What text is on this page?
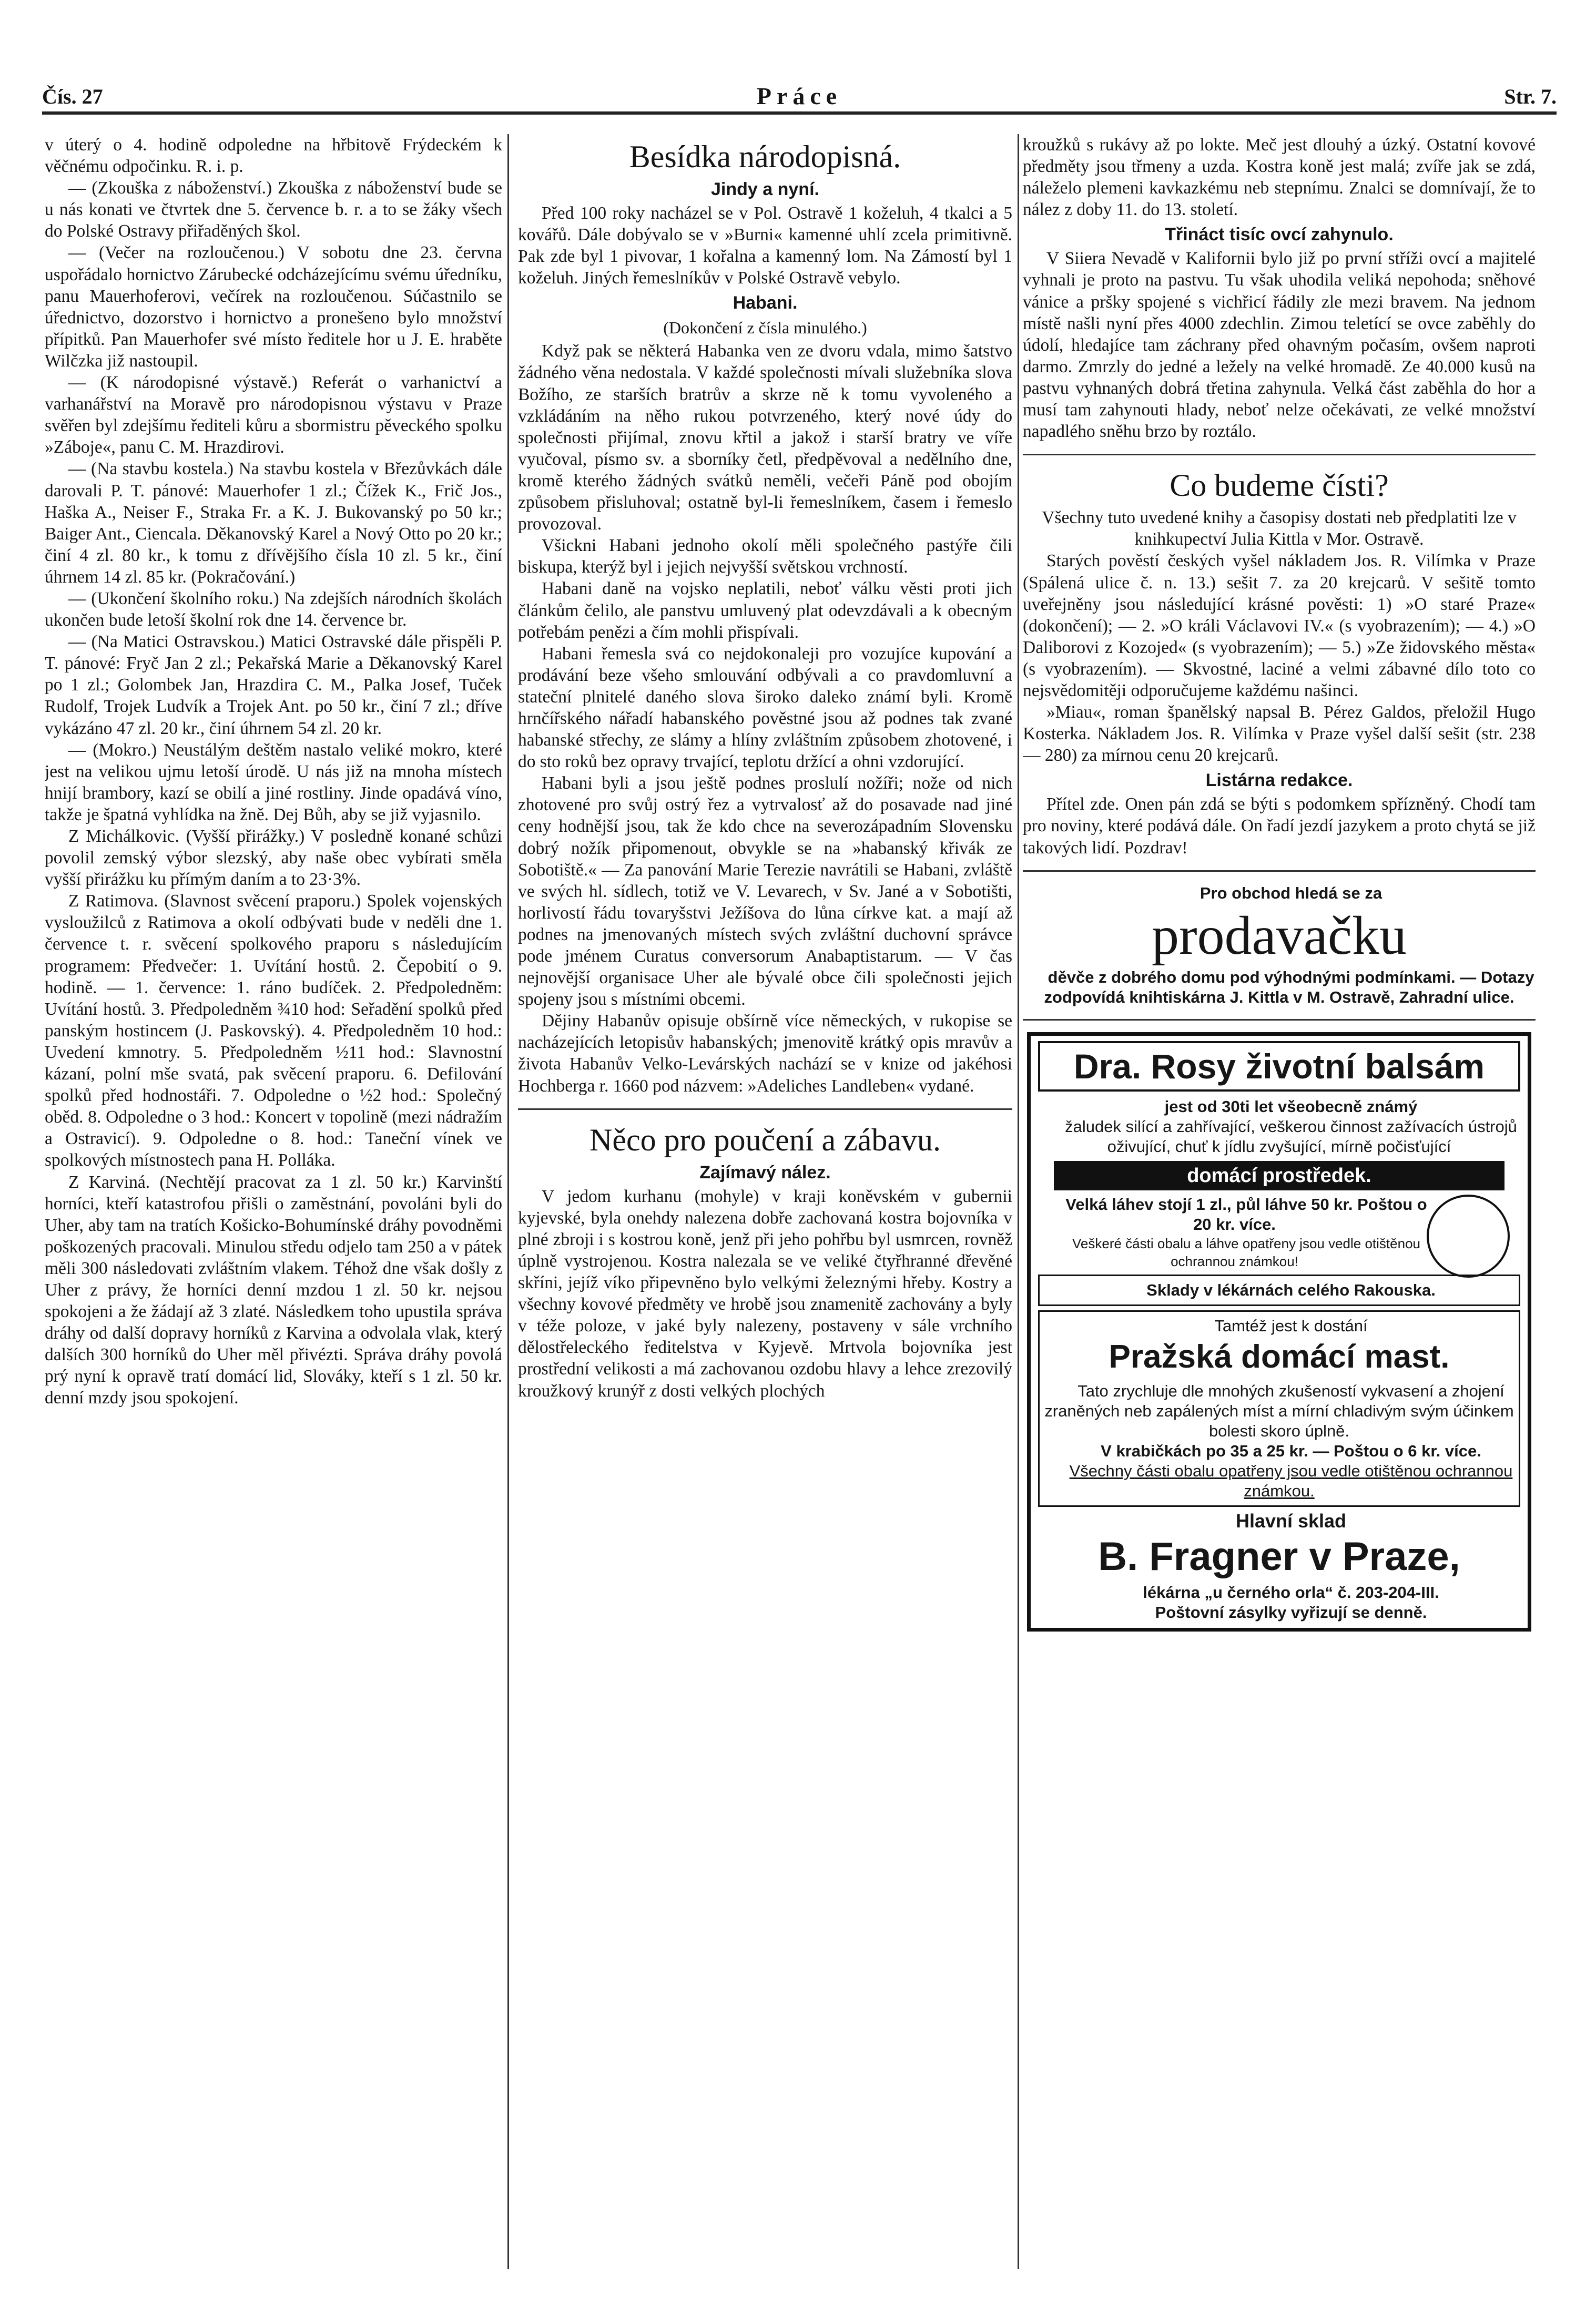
Čís. 27	Práce	Str. 7.

v úterý o 4. hodině odpoledne na hřbitově Frýdeckém k věčnému odpočinku. R. i. p.

— (Zkouška z náboženství.) Zkouška z náboženství bude se u nás konati ve čtvrtek dne 5. července b. r. a to se žáky všech do Polské Ostravy přiřaděných škol.

— (Večer na rozloučenou.) V sobotu dne 23. června uspořádalo hornictvo Zárubecké odcházejícímu svému úředníku, panu Mauerhoferovi, večírek na rozloučenou. Súčastnilo se úřednictvo, dozorstvo i hornictvo a pronešeno bylo množství přípitků. Pan Mauerhofer své místo ředitele hor u J. E. hraběte Wilčzka již nastoupil.

— (K národopisné výstavě.) Referát o varhanictví a varhanářství na Moravě pro národopisnou výstavu v Praze svěřen byl zdejšímu řediteli kůru a sbormistru pěveckého spolku »Záboje«, panu C. M. Hrazdirovi.

— (Na stavbu kostela.) Na stavbu kostela v Březůvkách dále darovali P. T. pánové: Mauerhofer 1 zl.; Čížek K., Frič Jos., Haška A., Neiser F., Straka Fr. a K. J. Bukovanský po 50 kr.; Baiger Ant., Ciencala. Děkanovský Karel a Nový Otto po 20 kr.; činí 4 zl. 80 kr., k tomu z dřívějšího čísla 10 zl. 5 kr., činí úhrnem 14 zl. 85 kr. (Pokračování.)

— (Ukončení školního roku.) Na zdejších národních školách ukončen bude letoší školní rok dne 14. července br.

— (Na Matici Ostravskou.) Matici Ostravské dále přispěli P. T. pánové: Fryč Jan 2 zl.; Pekařská Marie a Děkanovský Karel po 1 zl.; Golombek Jan, Hrazdira C. M., Palka Josef, Tuček Rudolf, Trojek Ludvík a Trojek Ant. po 50 kr., činí 7 zl.; dříve vykázáno 47 zl. 20 kr., činí úhrnem 54 zl. 20 kr.

— (Mokro.) Neustálým deštěm nastalo veliké mokro, které jest na velikou ujmu letoší úrodě. U nás již na mnoha místech hnijí brambory, kazí se obilí a jiné rostliny. Jinde opadává víno, takže je špatná vyhlídka na žně. Dej Bůh, aby se již vyjasnilo.

Z Michálkovic. (Vyšší přirážky.) V posledně konané schůzi povolil zemský výbor slezský, aby naše obec vybírati směla vyšší přirážku ku přímým daním a to 23·3%.

Z Ratimova. (Slavnost svěcení praporu.) Spolek vojenských vysloužilců z Ratimova a okolí odbývati bude v neděli dne 1. července t. r. svěcení spolkového praporu s následujícím programem: Předvečer: 1. Uvítání hostů. 2. Čepobití o 9. hodině. — 1. července: 1. ráno budíček. 2. Předpoledněm: Uvítání hostů. 3. Předpoledněm ¾10 hod: Seřadění spolků před panským hostincem (J. Paskovský). 4. Předpoledněm 10 hod.: Uvedení kmnotry. 5. Předpoledněm ½11 hod.: Slavnostní kázaní, polní mše svatá, pak svěcení praporu. 6. Defilování spolků před hodnostáři. 7. Odpoledne o ½2 hod.: Společný oběd. 8. Odpoledne o 3 hod.: Koncert v topolině (mezi nádražím a Ostravicí). 9. Odpoledne o 8. hod.: Taneční vínek ve spolkových místnostech pana H. Polláka.

Z Karviná. (Nechtějí pracovat za 1 zl. 50 kr.) Karvinští horníci, kteří katastrofou přišli o zaměstnání, povoláni byli do Uher, aby tam na tratích Košicko-Bohumínské dráhy povodněmi poškozených pracovali. Minulou středu odjelo tam 250 a v pátek měli 300 následovati zvláštním vlakem. Téhož dne však došly z Uher z právy, že horníci denní mzdou 1 zl. 50 kr. nejsou spokojeni a že žádají až 3 zlaté. Následkem toho upustila správa dráhy od další dopravy horníků z Karvina a odvolala vlak, který dalších 300 horníků do Uher měl přivézti. Správa dráhy povolá prý nyní k opravě tratí domácí lid, Slováky, kteří s 1 zl. 50 kr. denní mzdy jsou spokojení.

Besídka národopisná.
Jindy a nyní.

Před 100 roky nacházel se v Pol. Ostravě 1 koželuh, 4 tkalci a 5 kovářů. Dále dobývalo se v »Burni« kamenné uhlí zcela primitivně. Pak zde byl 1 pivovar, 1 kořalna a kamenný lom. Na Zámostí byl 1 koželuh. Jiných řemeslníkův v Polské Ostravě vebylo.

Habani.
(Dokončení z čísla minulého.)

Když pak se některá Habanka ven ze dvoru vdala, mimo šatstvo žádného věna nedostala. V každé společnosti mívali služebníka slova Božího, ze starších bratrův a skrze ně k tomu vyvoleného a vzkládáním na něho rukou potvrzeného, který nové údy do společnosti přijímal, znovu křtil a jakož i starší bratry ve víře vyučoval, písmo sv. a sborníky četl, předpěvoval a nedělního dne, kromě kterého žádných svátků neměli, večeři Páně pod obojím způsobem přisluhoval; ostatně byl-li řemeslníkem, časem i řemeslo provozoval.

Všickni Habani jednoho okolí měli společného pastýře čili biskupa, kterýž byl i jejich nejvyšší světskou vrchností.

Habani daně na vojsko neplatili, neboť válku věsti proti jich článkům čelilo, ale panstvu umluvený plat odevzdávali a k obecným potřebám penězi a čím mohli přispívali.

Habani řemesla svá co nejdokonaleji pro vozujíce kupování a prodávání beze všeho smlouvání odbývali a co pravdomluvní a stateční plnitelé daného slova široko daleko známí byli. Kromě hrnčířského nářadí habanského pověstné jsou až podnes tak zvané habanské střechy, ze slámy a hlíny zvláštním způsobem zhotovené, i do sto roků bez opravy trvající, teplotu držící a ohni vzdorující.

Habani byli a jsou ještě podnes proslulí nožíři; nože od nich zhotovené pro svůj ostrý řez a vytrvalosť až do posavade nad jiné ceny hodnější jsou, tak že kdo chce na severozápadním Slovensku dobrý nožík připomenout, obvykle se na »habanský křivák ze Sobotiště.« — Za panování Marie Terezie navrátili se Habani, zvláště ve svých hl. sídlech, totiž ve V. Levarech, v Sv. Jané a v Sobotišti, horlivostí řádu tovaryšstvi Ježíšova do lůna církve kat. a mají až podnes na jmenovaných místech svých zvláštní duchovní správce pode jménem Curatus conversorum Anabaptistarum. — V čas nejnovější organisace Uher ale bývalé obce čili společnosti jejich spojeny jsou s místními obcemi.

Dějiny Habanův opisuje obšírně více německých, v rukopise se nacházejících letopisův habanských; jmenovitě krátký opis mravův a života Habanův Velko-Levárských nachází se v knize od jakéhosi Hochberga r. 1660 pod názvem: »Adeliches Landleben« vydané.

Něco pro poučení a zábavu.
Zajímavý nález.

V jedom kurhanu (mohyle) v kraji koněvském v gubernii kyjevské, byla onehdy nalezena dobře zachovaná kostra bojovníka v plné zbroji i s kostrou koně, jenž při jeho pohřbu byl usmrcen, rovněž úplně vystrojenou. Kostra nalezala se ve veliké čtyřhranné dřevěné skříni, jejíž víko připevněno bylo velkými železnými hřeby. Kostry a všechny kovové předměty ve hrobě jsou znamenitě zachovány a byly v téže poloze, v jaké byly nalezeny, postaveny v sále vrchního dělostřeleckého ředitelstva v Kyjevě. Mrtvola bojovníka jest prostřední velikosti a má zachovanou ozdobu hlavy a lehce zrezovilý kroužkový krunýř z dosti velkých plochých

kroužků s rukávy až po lokte. Meč jest dlouhý a úzký. Ostatní kovové předměty jsou třmeny a uzda. Kostra koně jest malá; zvíře jak se zdá, náleželo plemeni kavkazkému neb stepnímu. Znalci se domnívají, že to nález z doby 11. do 13. století.

Třináct tisíc ovcí zahynulo.

V Siiera Nevadě v Kalifornii bylo již po první stříži ovcí a majitelé vyhnali je proto na pastvu. Tu však uhodila veliká nepohoda; sněhové vánice a pršky spojené s vichřicí řádily zle mezi bravem. Na jednom místě našli nyní přes 4000 zdechlin. Zimou teletící se ovce zaběhly do údolí, hledajíce tam záchrany před ohavným počasím, ovšem naproti darmo. Zmrzly do jedné a ležely na velké hromadě. Ze 40.000 kusů na pastvu vyhnaných dobrá třetina zahynula. Velká část zaběhla do hor a musí tam zahynouti hlady, neboť nelze očekávati, ze velké množství napadlého sněhu brzo by roztálo.

Co budeme čísti?

Všechny tuto uvedené knihy a časopisy dostati neb předplatiti lze v knihkupectví Julia Kittla v Mor. Ostravě.

Starých pověstí českých vyšel nákladem Jos. R. Vilímka v Praze (Spálená ulice č. n. 13.) sešit 7. za 20 krejcarů. V sešitě tomto uveřejněny jsou následující krásné pověsti: 1) »O staré Praze« (dokončení); — 2. »O králi Václavovi IV.« (s vyobrazením); — 4.) »O Daliborovi z Kozojed« (s vyobrazením); — 5.) »Ze židovského města« (s vyobrazením). — Skvostné, laciné a velmi zábavné dílo toto co nejsvědomitěji odporučujeme každému našinci.

»Miau«, roman španělský napsal B. Pérez Galdos, přeložil Hugo Kosterka. Nákladem Jos. R. Vilímka v Praze vyšel další sešit (str. 238 — 280) za mírnou cenu 20 krejcarů.

Listárna redakce.

Přítel zde. Onen pán zdá se býti s podomkem spřízněný. Chodí tam pro noviny, které podává dále. On řadí jezdí jazykem a proto chytá se již takových lidí. Pozdrav!

Pro obchod hledá se za

prodavačku

děvče z dobrého domu pod výhodnými podmínkami. — Dotazy zodpovídá knihtiskárna J. Kittla v M. Ostravě, Zahradní ulice.

Dra. Rosy životní balsám

jest od 30ti let všeobecně známý

žaludek silící a zahřívající, veškerou činnost zažívacích ústrojů oživující, chuť k jídlu zvyšující, mírně počisťující

domácí prostředek.

Velká láhev stojí 1 zl., půl láhve 50 kr. Poštou o 20 kr. více.

Veškeré části obalu a láhve opatřeny jsou vedle otištěnou ochrannou známkou!

Sklady v lékárnách celého Rakouska.

Tamtéž jest k dostání

Pražská domácí mast.

Tato zrychluje dle mnohých zkušeností vykvasení a zhojení zraněných neb zapálených míst a mírní chladivým svým účinkem bolesti skoro úplně.

V krabičkách po 35 a 25 kr. — Poštou o 6 kr. více.

Všechny části obalu opatřeny jsou vedle otištěnou ochrannou známkou.

Hlavní sklad

B. Fragner v Praze,

lékárna „u černého orla“ č. 203-204-III.

Poštovní zásylky vyřizují se denně.
